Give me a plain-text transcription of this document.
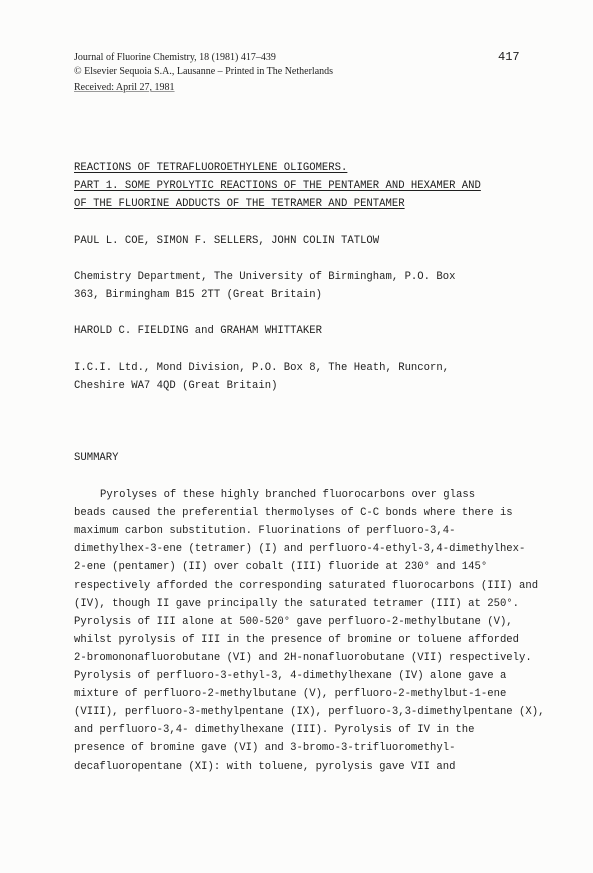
Journal of Fluorine Chemistry, 18 (1981) 417–439
© Elsevier Sequoia S.A., Lausanne – Printed in The Netherlands
Received: April 27, 1981
417
REACTIONS OF TETRAFLUOROETHYLENE OLIGOMERS.
PART 1. SOME PYROLYTIC REACTIONS OF THE PENTAMER AND HEXAMER AND
OF THE FLUORINE ADDUCTS OF THE TETRAMER AND PENTAMER
PAUL L. COE, SIMON F. SELLERS, JOHN COLIN TATLOW
Chemistry Department, The University of Birmingham, P.O. Box
363, Birmingham B15 2TT (Great Britain)
HAROLD C. FIELDING and GRAHAM WHITTAKER
I.C.I. Ltd., Mond Division, P.O. Box 8, The Heath, Runcorn,
Cheshire WA7 4QD (Great Britain)
SUMMARY
Pyrolyses of these highly branched fluorocarbons over glass
beads caused the preferential thermolyses of C-C bonds where there is
maximum carbon substitution. Fluorinations of perfluoro-3,4-
dimethylhex-3-ene (tetramer) (I) and perfluoro-4-ethyl-3,4-dimethylhex-
2-ene (pentamer) (II) over cobalt (III) fluoride at 230° and 145°
respectively afforded the corresponding saturated fluorocarbons (III) and
(IV), though II gave principally the saturated tetramer (III) at 250°.
Pyrolysis of III alone at 500-520° gave perfluoro-2-methylbutane (V),
whilst pyrolysis of III in the presence of bromine or toluene afforded
2-bromononafluorobutane (VI) and 2H-nonafluorobutane (VII) respectively.
Pyrolysis of perfluoro-3-ethyl-3, 4-dimethylhexane (IV) alone gave a
mixture of perfluoro-2-methylbutane (V), perfluoro-2-methylbut-1-ene
(VIII), perfluoro-3-methylpentane (IX), perfluoro-3,3-dimethylpentane (X),
and perfluoro-3,4- dimethylhexane (III). Pyrolysis of IV in the
presence of bromine gave (VI) and 3-bromo-3-trifluoromethyl-
decafluoropentane (XI): with toluene, pyrolysis gave VII and
